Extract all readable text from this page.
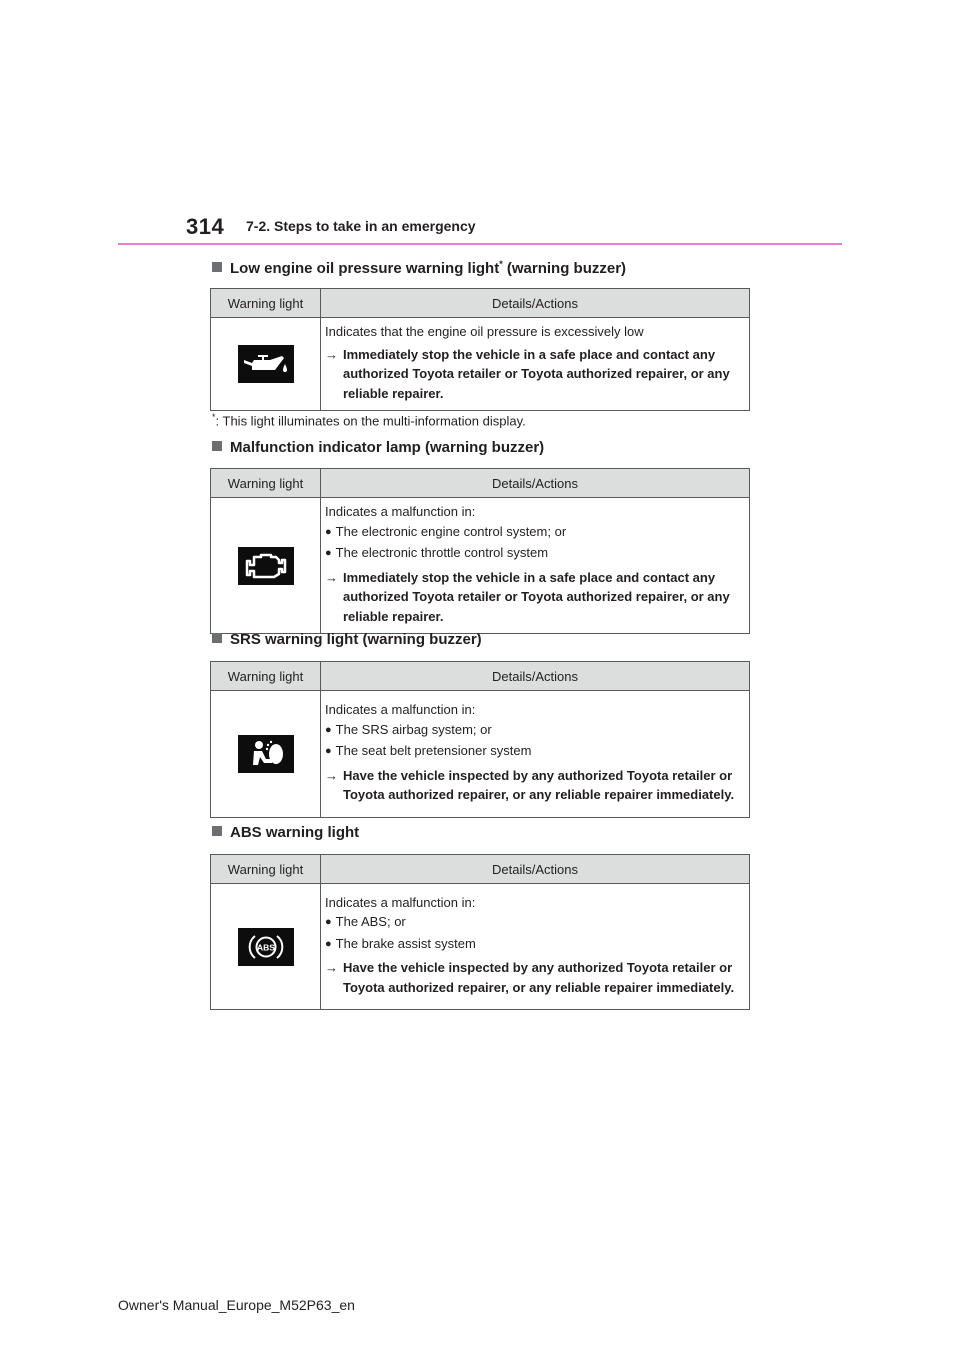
314 7-2. Steps to take in an emergency
Low engine oil pressure warning light* (warning buzzer)
Warning light	Details/Actions

Indicates that the engine oil pressure is excessively low

→ Immediately stop the vehicle in a safe place and contact any authorized Toyota retailer or Toyota authorized repairer, or any reliable repairer.

*: This light illuminates on the multi-information display.
Malfunction indicator lamp (warning buzzer)
Warning light	Details/Actions

Indicates a malfunction in:

● The electronic engine control system; or

● The electronic throttle control system

→ Immediately stop the vehicle in a safe place and contact any authorized Toyota retailer or Toyota authorized repairer, or any reliable repairer.

SRS warning light (warning buzzer)
Warning light	Details/Actions

Indicates a malfunction in:

● The SRS airbag system; or

● The seat belt pretensioner system

→ Have the vehicle inspected by any authorized Toyota retailer or Toyota authorized repairer, or any reliable repairer immediately.

ABS warning light
Warning light	Details/Actions

ABS	Indicates a malfunction in:

● The ABS; or

● The brake assist system

→ Have the vehicle inspected by any authorized Toyota retailer or Toyota authorized repairer, or any reliable repairer immediately.

Owner's Manual_Europe_M52P63_en
